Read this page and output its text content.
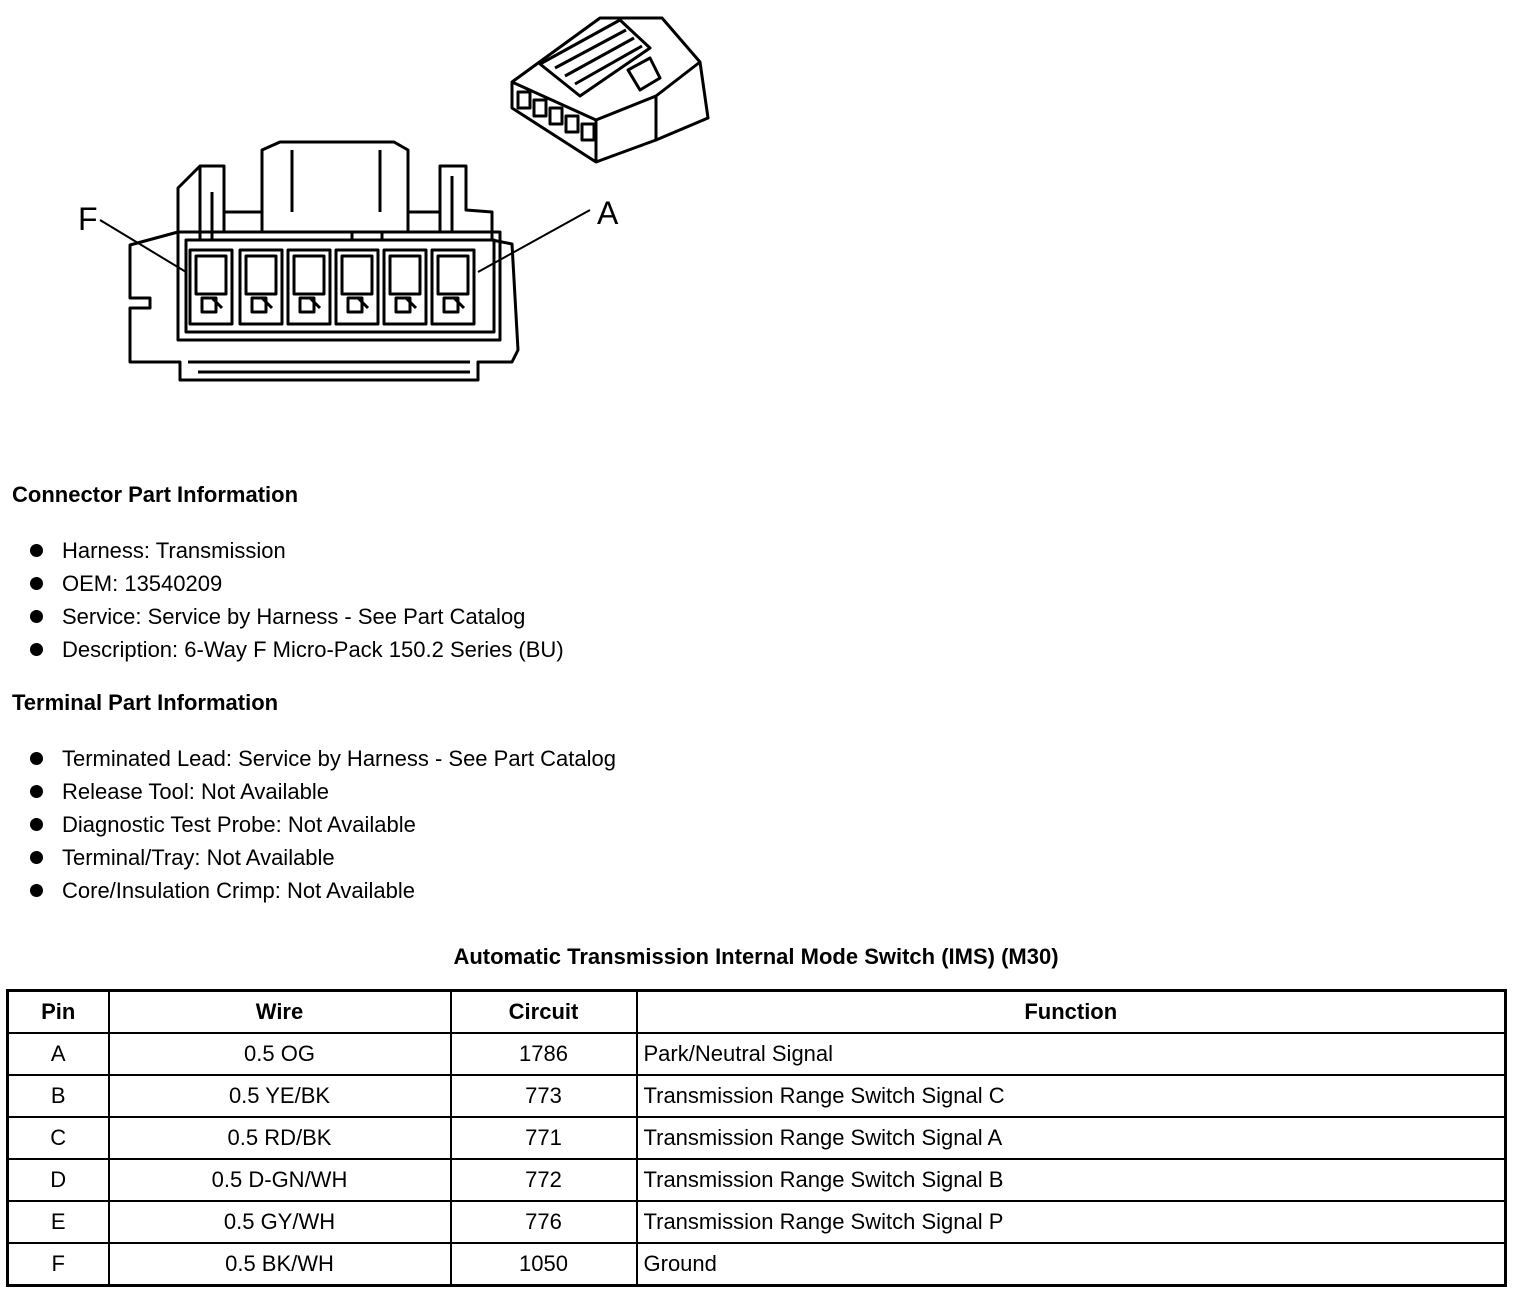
F	A
Connector Part Information
Harness: Transmission
OEM: 13540209
Service: Service by Harness - See Part Catalog
Description: 6-Way F Micro-Pack 150.2 Series (BU)
Terminal Part Information
Terminated Lead: Service by Harness - See Part Catalog
Release Tool: Not Available
Diagnostic Test Probe: Not Available
Terminal/Tray: Not Available
Core/Insulation Crimp: Not Available
Automatic Transmission Internal Mode Switch (IMS) (M30)
Pin	Wire	Circuit	Function
A	0.5 OG	1786	Park/Neutral Signal
B	0.5 YE/BK	773	Transmission Range Switch Signal C
C	0.5 RD/BK	771	Transmission Range Switch Signal A
D	0.5 D-GN/WH	772	Transmission Range Switch Signal B
E	0.5 GY/WH	776	Transmission Range Switch Signal P
F	0.5 BK/WH	1050	Ground
